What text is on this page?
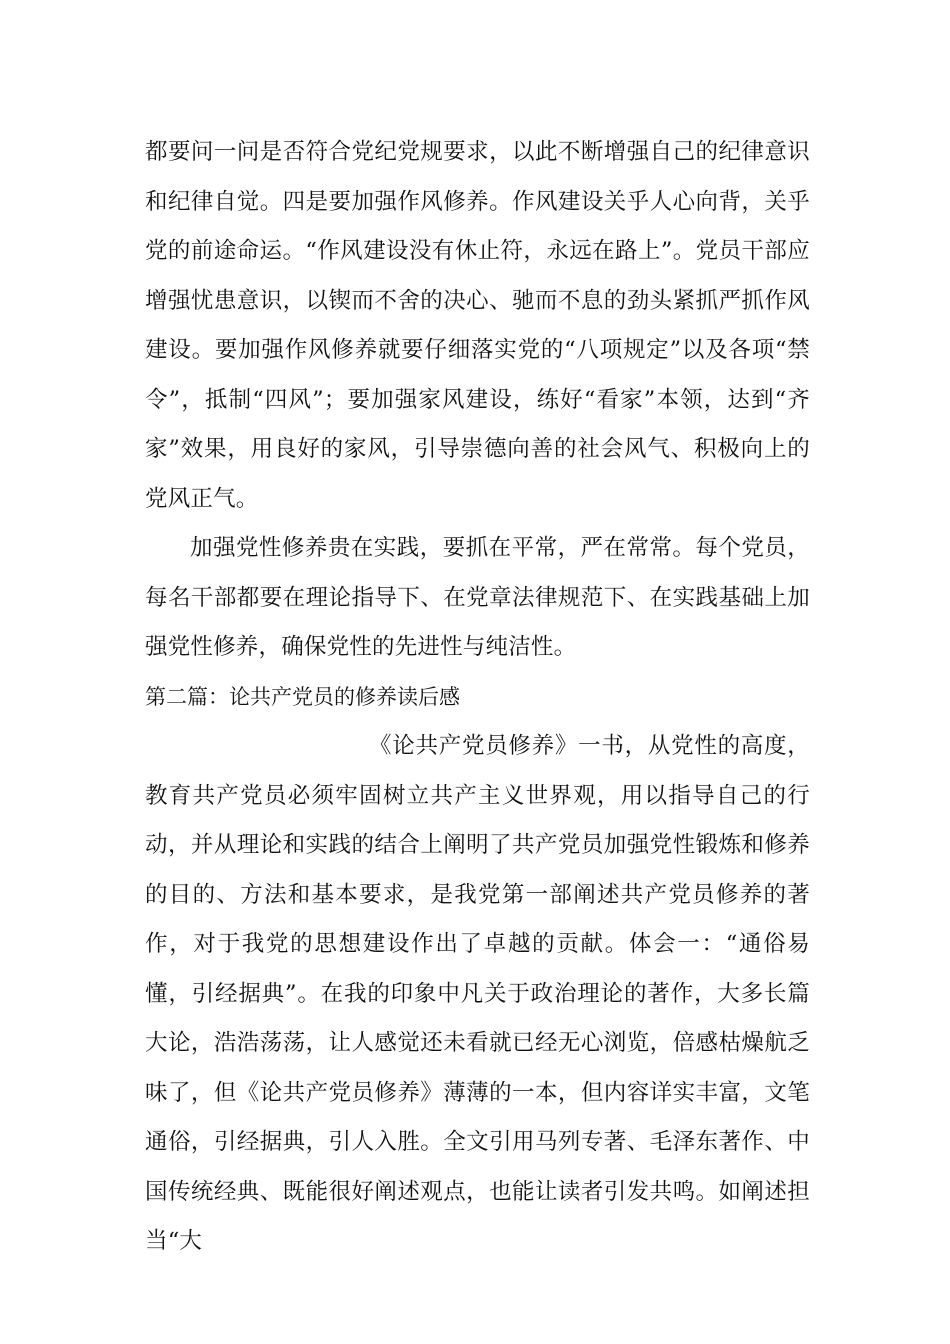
都要问一问是否符合党纪党规要求，以此不断增强自己的纪律意识和纪律自觉。四是要加强作风修养。作风建设关乎人心向背，关乎党的前途命运。“作风建设没有休止符，永远在路上”。党员干部应增强忧患意识，以锲而不舍的决心、驰而不息的劲头紧抓严抓作风建设。要加强作风修养就要仔细落实党的“八项规定”以及各项“禁令”，抵制“四风”；要加强家风建设，练好“看家”本领，达到“齐家”效果，用良好的家风，引导崇德向善的社会风气、积极向上的党风正气。

加强党性修养贵在实践，要抓在平常，严在常常。每个党员，每名干部都要在理论指导下、在党章法律规范下、在实践基础上加强党性修养，确保党性的先进性与纯洁性。

第二篇：论共产党员的修养读后感

《论共产党员修养》一书，从党性的高度，教育共产党员必须牢固树立共产主义世界观，用以指导自己的行动，并从理论和实践的结合上阐明了共产党员加强党性锻炼和修养的目的、方法和基本要求，是我党第一部阐述共产党员修养的著作，对于我党的思想建设作出了卓越的贡献。体会一：“通俗易懂，引经据典”。在我的印象中凡关于政治理论的著作，大多长篇大论，浩浩荡荡，让人感觉还未看就已经无心浏览，倍感枯燥航乏味了，但《论共产党员修养》薄薄的一本，但内容详实丰富，文笔通俗，引经据典，引人入胜。全文引用马列专著、毛泽东著作、中国传统经典、既能很好阐述观点，也能让读者引发共鸣。如阐述担当“大
